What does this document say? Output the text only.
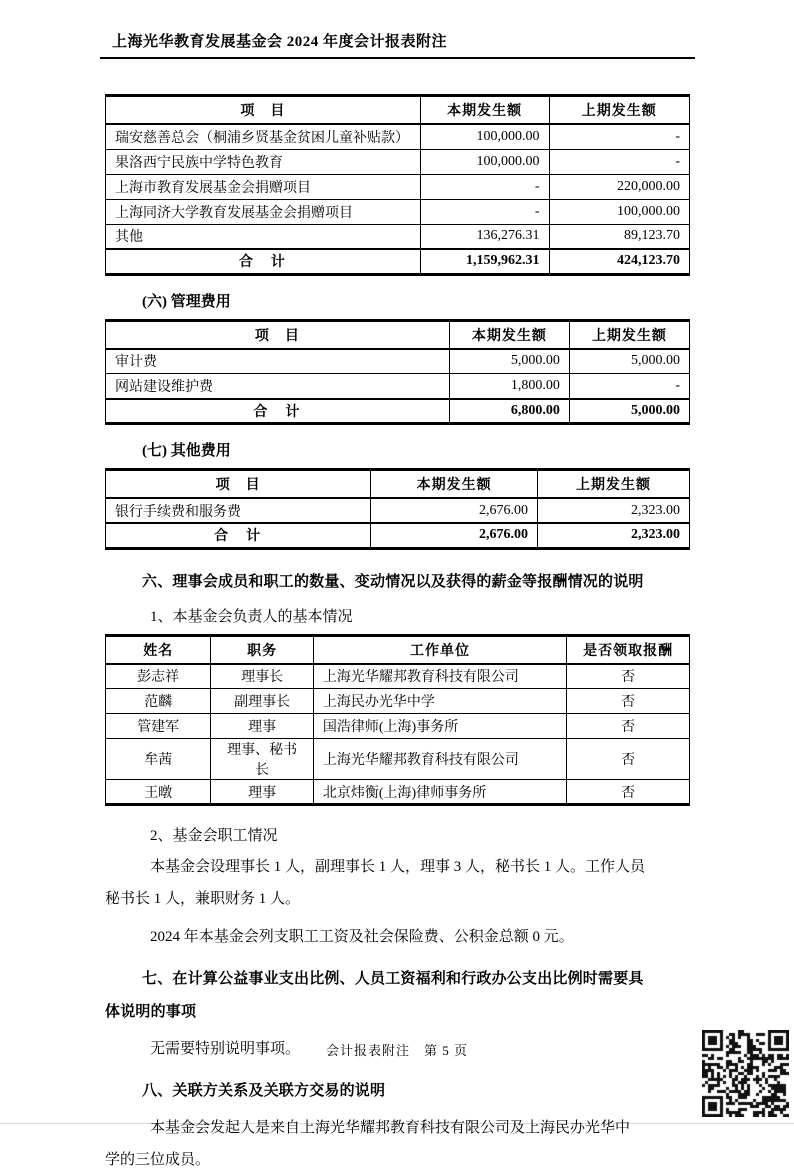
上海光华教育发展基金会 2024 年度会计报表附注
项　目	本期发生额	上期发生额
瑞安慈善总会（桐浦乡贤基金贫困儿童补贴款）	100,000.00	-
果洛西宁民族中学特色教育	100,000.00	-
上海市教育发展基金会捐赠项目	-	220,000.00
上海同济大学教育发展基金会捐赠项目	-	100,000.00
其他	136,276.31	89,123.70
合　计	1,159,962.31	424,123.70
(六) 管理费用
项　目	本期发生额	上期发生额
审计费	5,000.00	5,000.00
网站建设维护费	1,800.00	-
合　计	6,800.00	5,000.00
(七) 其他费用
项　目	本期发生额	上期发生额
银行手续费和服务费	2,676.00	2,323.00
合　计	2,676.00	2,323.00
六、理事会成员和职工的数量、变动情况以及获得的薪金等报酬情况的说明
1、本基金会负责人的基本情况
姓名	职务	工作单位	是否领取报酬
彭志祥	理事长	上海光华耀邦教育科技有限公司	否
范麟	副理事长	上海民办光华中学	否
管建军	理事	国浩律师(上海)事务所	否
牟茜	理事、秘书长	上海光华耀邦教育科技有限公司	否
王暾	理事	北京炜衡(上海)律师事务所	否
2、基金会职工情况
本基金会设理事长 1 人，副理事长 1 人，理事 3 人，秘书长 1 人。工作人员
秘书长 1 人，兼职财务 1 人。
2024 年本基金会列支职工工资及社会保险费、公积金总额 0 元。
七、在计算公益事业支出比例、人员工资福利和行政办公支出比例时需要具
体说明的事项
无需要特别说明事项。
八、关联方关系及关联方交易的说明
本基金会发起人是来自上海光华耀邦教育科技有限公司及上海民办光华中
学的三位成员。
会计报表附注　第 5 页
